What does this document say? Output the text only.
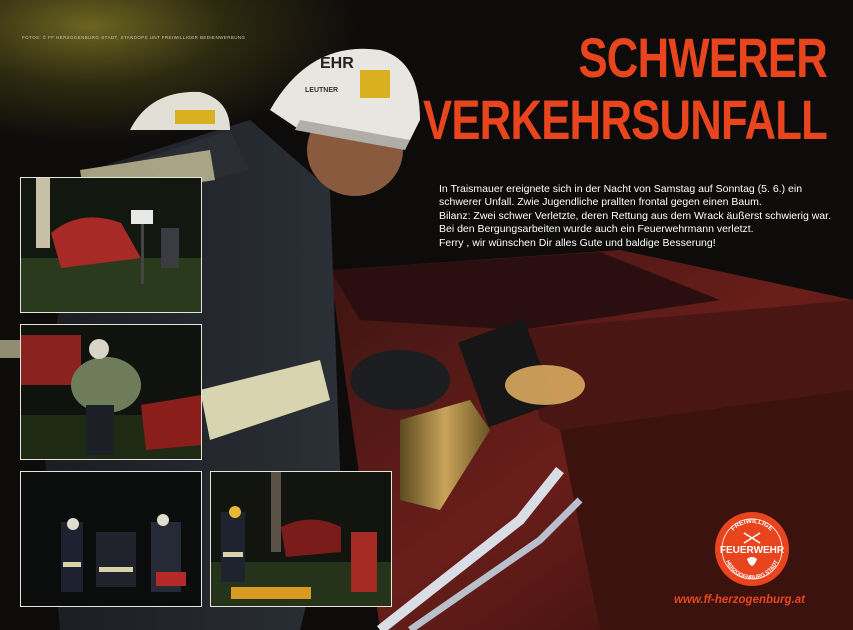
EHR
LEUTNER
FOTOS: © FF HERZOGENBURG-STADT, STANDOPS UNT FREIWILLIGER BEDIENWERBUNG	SCHWERER
VERKEHRSUNFALL

In Traismauer ereignete sich in der Nacht von Samstag auf Sonntag (5. 6.) ein schwerer Unfall. Zwie Jugendliche prallten frontal gegen einen Baum.

Bilanz: Zwei schwer Verletzte, deren Rettung aus dem Wrack äußerst schwierig war. Bei den Bergungsarbeiten wurde auch ein Feuerwehrmann verletzt.

Ferry , wir wünschen Dir alles Gute und baldige Besserung!

FREIWILLIGE
HERZOGENBURG STADT
FEUERWEHR
www.ff-herzogenburg.at
